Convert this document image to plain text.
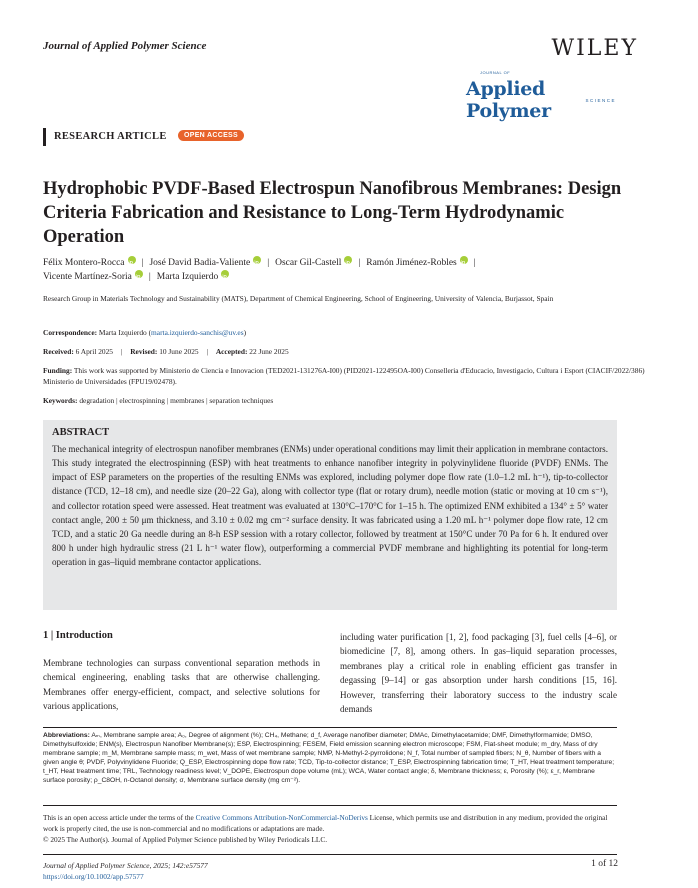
Journal of Applied Polymer Science	WILEY
JOURNAL OF
Applied Polymer	SCIENCE
RESEARCH ARTICLE	OPEN ACCESS
Hydrophobic PVDF-Based Electrospun Nanofibrous Membranes: Design Criteria Fabrication and Resistance to Long-Term Hydrodynamic Operation
Félix Montero-Rocca iD | José David Badia-Valiente iD | Oscar Gil-Castell iD | Ramón Jiménez-Robles iD |
Vicente Martínez-Soria iD | Marta IzquierdoiD
Research Group in Materials Technology and Sustainability (MATS), Department of Chemical Engineering, School of Engineering, University of Valencia, Burjassot, Spain
Correspondence: Marta Izquierdo (marta.izquierdo-sanchis@uv.es)
Received: 6 April 2025 | Revised: 10 June 2025 | Accepted: 22 June 2025
Funding: This work was supported by Ministerio de Ciencia e Innovacion (TED2021-131276A-I00) (PID2021-122495OA-I00) Conselleria d'Educacio, Investigacio, Cultura i Esport (CIACIF/2022/386) Ministerio de Universidades (FPU19/02478).
Keywords: degradation | electrospinning | membranes | separation techniques
ABSTRACT
The mechanical integrity of electrospun nanofiber membranes (ENMs) under operational conditions may limit their application in membrane contactors. This study integrated the electrospinning (ESP) with heat treatments to enhance nanofiber integrity in polyvinylidene fluoride (PVDF) ENMs. The impact of ESP parameters on the properties of the resulting ENMs was explored, including polymer dope flow rate (1.0–1.2 mL h⁻¹), tip-to-collector distance (TCD, 12–18 cm), and needle size (20–22 Ga), along with collector type (flat or rotary drum), needle motion (static or moving at 10 cm s⁻¹), and collector rotation speed were assessed. Heat treatment was evaluated at 130°C–170°C for 1–15 h. The optimized ENM exhibited a 134° ± 5° water contact angle, 200 ± 50 μm thickness, and 3.10 ± 0.02 mg cm⁻² surface density. It was fabricated using a 1.20 mL h⁻¹ polymer dope flow rate, 12 cm TCD, and a static 20 Ga needle during an 8-h ESP session with a rotary collector, followed by treatment at 150°C under 70 Pa for 6 h. It endured over 800 h under high hydraulic stress (21 L h⁻¹ water flow), outperforming a commercial PVDF membrane and highlighting its potential for long-term operation in gas–liquid membrane contactor applications.
1 | Introduction
Membrane technologies can surpass conventional separation methods in chemical engineering, enabling tasks that are otherwise challenging. Membranes offer energy-efficient, compact, and selective solutions for various applications,
including water purification [1, 2], food packaging [3], fuel cells [4–6], or biomedicine [7, 8], among others. In gas–liquid separation processes, membranes play a critical role in enabling efficient gas transfer in degassing [9–14] or gas absorption under harsh conditions [15, 16]. However, transferring their laboratory success to the industry scale demands
Abbreviations: Aₘ, Membrane sample area; A₀, Degree of alignment (%); CH₄, Methane; d_f, Average nanofiber diameter; DMAc, Dimethylacetamide; DMF, Dimethylformamide; DMSO, Dimethylsulfoxide; ENM(s), Electrospun Nanofiber Membrane(s); ESP, Electrospinning; FESEM, Field emission scanning electron microscope; FSM, Flat-sheet module; m_dry, Mass of dry membrane sample; m_M, Membrane sample mass; m_wet, Mass of wet membrane sample; NMP, N-Methyl-2-pyrrolidone; N_f, Total number of sampled fibers; N_θ, Number of fibers with a given angle θ; PVDF, Polyvinylidene Fluoride; Q_ESP, Electrospinning dope flow rate; TCD, Tip-to-collector distance; T_ESP, Electrospinning fabrication time; T_HT, Heat treatment temperature; t_HT, Heat treatment time; TRL, Technology readiness level; V_DOPE, Electrospun dope volume (mL); WCA, Water contact angle; δ, Membrane thickness; ε, Porosity (%); ε_r, Membrane surface porosity; ρ_C8OH, n-Octanol density; σ, Membrane surface density (mg cm⁻²).
This is an open access article under the terms of the Creative Commons Attribution-NonCommercial-NoDerivs License, which permits use and distribution in any medium, provided the original work is properly cited, the use is non-commercial and no modifications or adaptations are made.
© 2025 The Author(s). Journal of Applied Polymer Science published by Wiley Periodicals LLC.
Journal of Applied Polymer Science, 2025; 142:e57577
https://doi.org/10.1002/app.57577
1 of 12
